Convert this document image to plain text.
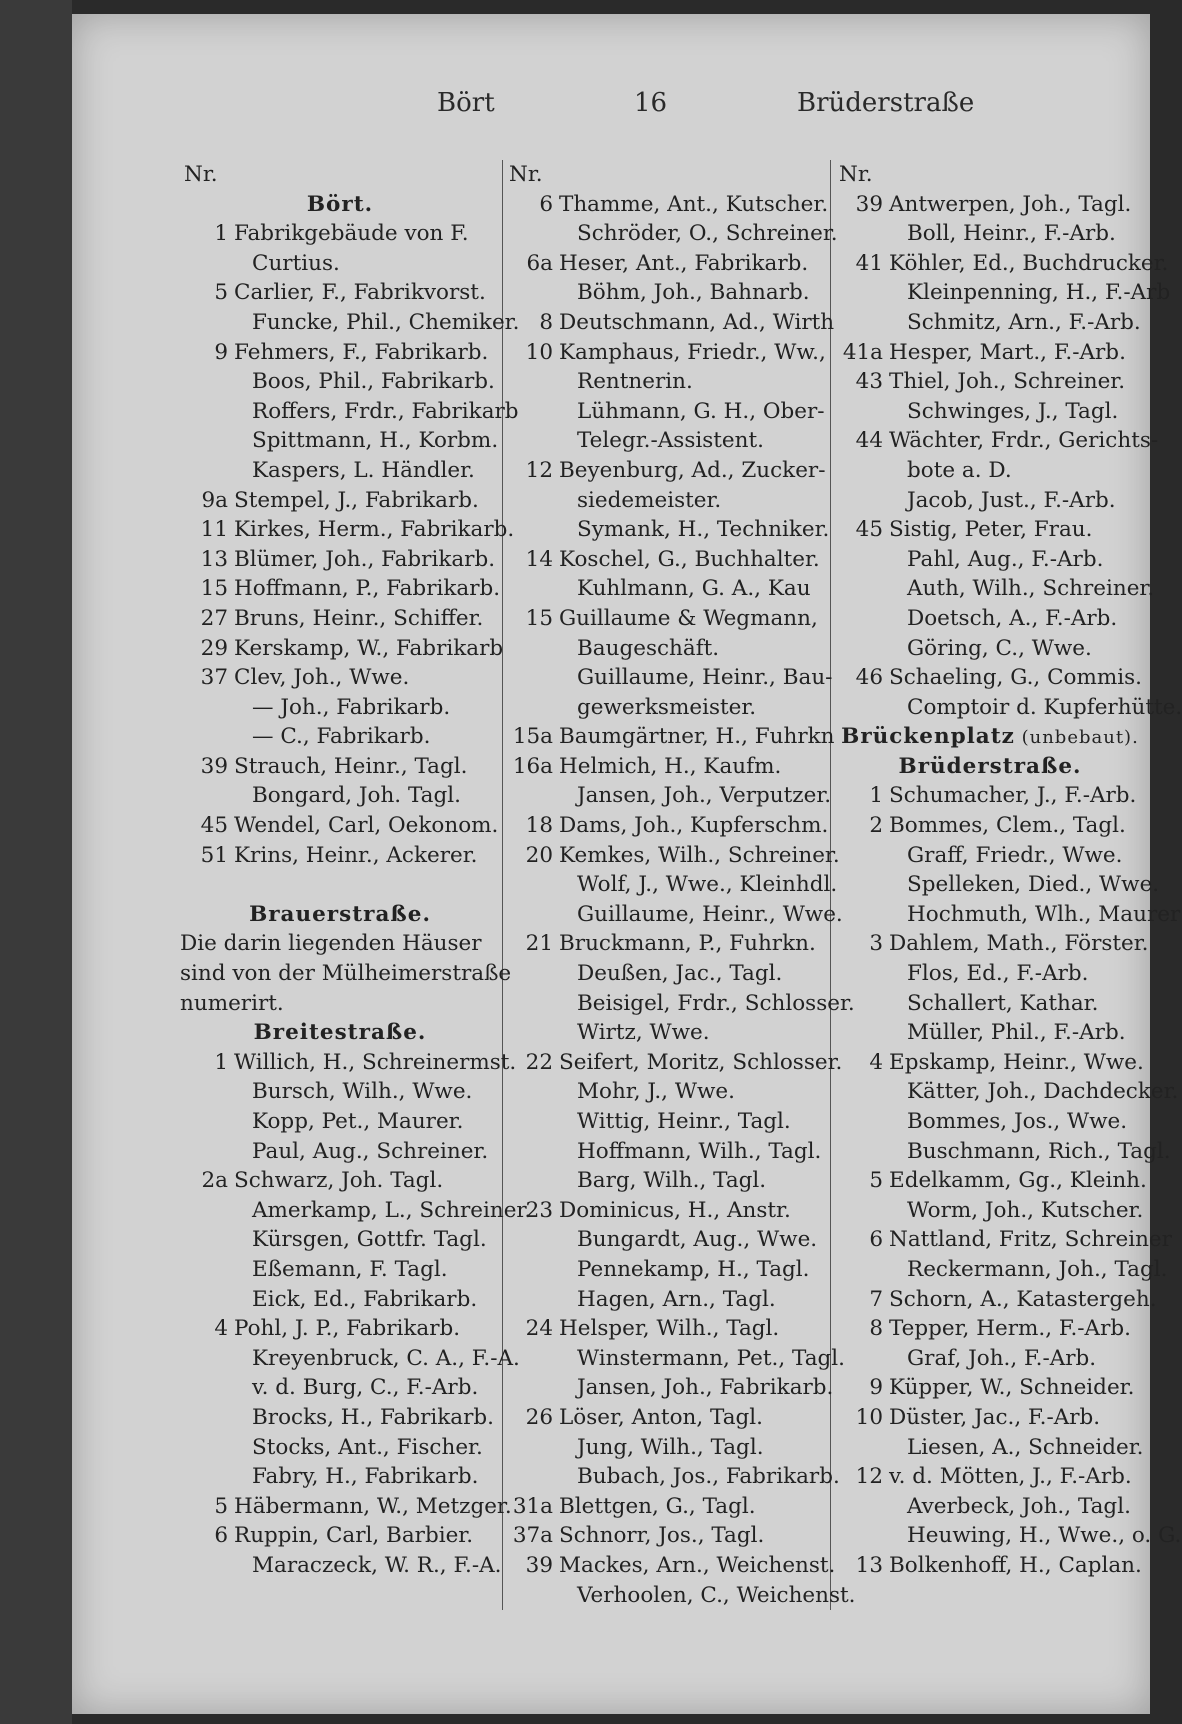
Bört	16	Brüderstraße
Nr.
Bört.
1 Fabrikgebäude von F.
Curtius.
5 Carlier, F., Fabrikvorst.
Funcke, Phil., Chemiker.
9 Fehmers, F., Fabrikarb.
Boos, Phil., Fabrikarb.
Roffers, Frdr., Fabrikarb
Spittmann, H., Korbm.
Kaspers, L. Händler.
9a Stempel, J., Fabrikarb.
11 Kirkes, Herm., Fabrikarb.
13 Blümer, Joh., Fabrikarb.
15 Hoffmann, P., Fabrikarb.
27 Bruns, Heinr., Schiffer.
29 Kerskamp, W., Fabrikarb
37 Clev, Joh., Wwe.
— Joh., Fabrikarb.
— C., Fabrikarb.
39 Strauch, Heinr., Tagl.
Bongard, Joh. Tagl.
45 Wendel, Carl, Oekonom.
51 Krins, Heinr., Ackerer.
Brauerstraße.
Die darin liegenden Häuser
sind von der Mülheimerstraße
numerirt.
Breitestraße.
1 Willich, H., Schreinermst.
Bursch, Wilh., Wwe.
Kopp, Pet., Maurer.
Paul, Aug., Schreiner.
2a Schwarz, Joh. Tagl.
Amerkamp, L., Schreiner.
Kürsgen, Gottfr. Tagl.
Eßemann, F. Tagl.
Eick, Ed., Fabrikarb.
4 Pohl, J. P., Fabrikarb.
Kreyenbruck, C. A., F.-A.
v. d. Burg, C., F.-Arb.
Brocks, H., Fabrikarb.
Stocks, Ant., Fischer.
Fabry, H., Fabrikarb.
5 Häbermann, W., Metzger.
6 Ruppin, Carl, Barbier.
Maraczeck, W. R., F.-A.
Nr.
6 Thamme, Ant., Kutscher.
Schröder, O., Schreiner.
6a Heser, Ant., Fabrikarb.
Böhm, Joh., Bahnarb.
8 Deutschmann, Ad., Wirth
10 Kamphaus, Friedr., Ww.,
Rentnerin.
Lühmann, G. H., Ober-
Telegr.-Assistent.
12 Beyenburg, Ad., Zucker-
siedemeister.
Symank, H., Techniker.
14 Koschel, G., Buchhalter.
Kuhlmann, G. A., Kau
15 Guillaume & Wegmann,
Baugeschäft.
Guillaume, Heinr., Bau-
gewerksmeister.
15a Baumgärtner, H., Fuhrkn
16a Helmich, H., Kaufm.
Jansen, Joh., Verputzer.
18 Dams, Joh., Kupferschm.
20 Kemkes, Wilh., Schreiner.
Wolf, J., Wwe., Kleinhdl.
Guillaume, Heinr., Wwe.
21 Bruckmann, P., Fuhrkn.
Deußen, Jac., Tagl.
Beisigel, Frdr., Schlosser.
Wirtz, Wwe.
22 Seifert, Moritz, Schlosser.
Mohr, J., Wwe.
Wittig, Heinr., Tagl.
Hoffmann, Wilh., Tagl.
Barg, Wilh., Tagl.
23 Dominicus, H., Anstr.
Bungardt, Aug., Wwe.
Pennekamp, H., Tagl.
Hagen, Arn., Tagl.
24 Helsper, Wilh., Tagl.
Winstermann, Pet., Tagl.
Jansen, Joh., Fabrikarb.
26 Löser, Anton, Tagl.
Jung, Wilh., Tagl.
Bubach, Jos., Fabrikarb.
31a Blettgen, G., Tagl.
37a Schnorr, Jos., Tagl.
39 Mackes, Arn., Weichenst.
Verhoolen, C., Weichenst.
Nr.
39 Antwerpen, Joh., Tagl.
Boll, Heinr., F.-Arb.
41 Köhler, Ed., Buchdrucker.
Kleinpenning, H., F.-Arb
Schmitz, Arn., F.-Arb.
41a Hesper, Mart., F.-Arb.
43 Thiel, Joh., Schreiner.
Schwinges, J., Tagl.
44 Wächter, Frdr., Gerichts-
bote a. D.
Jacob, Just., F.-Arb.
45 Sistig, Peter, Frau.
Pahl, Aug., F.-Arb.
Auth, Wilh., Schreiner.
Doetsch, A., F.-Arb.
Göring, C., Wwe.
46 Schaeling, G., Commis.
Comptoir d. Kupferhütte.
Brückenplatz (unbebaut).
Brüderstraße.
1 Schumacher, J., F.-Arb.
2 Bommes, Clem., Tagl.
Graff, Friedr., Wwe.
Spelleken, Died., Wwe.
Hochmuth, Wlh., Maurer
3 Dahlem, Math., Förster.
Flos, Ed., F.-Arb.
Schallert, Kathar.
Müller, Phil., F.-Arb.
4 Epskamp, Heinr., Wwe.
Kätter, Joh., Dachdecker.
Bommes, Jos., Wwe.
Buschmann, Rich., Tagl.
5 Edelkamm, Gg., Kleinh.
Worm, Joh., Kutscher.
6 Nattland, Fritz, Schreiner
Reckermann, Joh., Tagl.
7 Schorn, A., Katastergeh.
8 Tepper, Herm., F.-Arb.
Graf, Joh., F.-Arb.
9 Küpper, W., Schneider.
10 Düster, Jac., F.-Arb.
Liesen, A., Schneider.
12 v. d. Mötten, J., F.-Arb.
Averbeck, Joh., Tagl.
Heuwing, H., Wwe., o. G.
13 Bolkenhoff, H., Caplan.
